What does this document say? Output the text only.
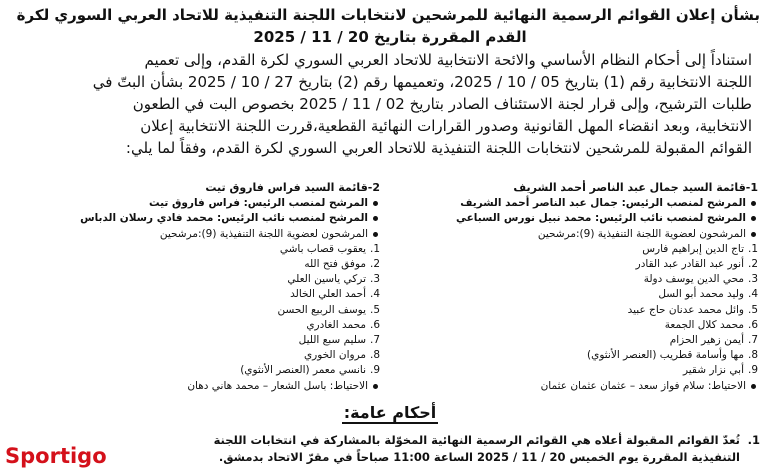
بشأن إعلان القوائم الرسمية النهائية للمرشحين لانتخابات اللجنة التنفيذية للاتحاد العربي السوري لكرة
القدم المقررة بتاريخ 20 / 11 / 2025

استناداً إلى أحكام النظام الأساسي والائحة الانتخابية للاتحاد العربي السوري لكرة القدم، وإلى تعميم

اللجنة الانتخابية رقم (1) بتاريخ 05 / 10 / 2025، وتعميمها رقم (2) بتاريخ 27 / 10 / 2025 بشأن البتّ في

طلبات الترشيح، وإلى قرار لجنة الاستئناف الصادر بتاريخ 02 / 11 / 2025 بخصوص البت في الطعون

الانتخابية، وبعد انقضاء المهل القانونية وصدور القرارات النهائية القطعية،قررت اللجنة الانتخابية إعلان

القوائم المقبولة للمرشحين لانتخابات اللجنة التنفيذية للاتحاد العربي السوري لكرة القدم، وفقاً لما يلي:

1-قائمة السيد جمال عبد الناصر أحمد الشريف
المرشح لمنصب الرئيس: جمال عبد الناصر أحمد الشريف
المرشح لمنصب نائب الرئيس: محمد نبيل نورس السباعي
المرشحون لعضوية اللجنة التنفيذية (9):مرشحين
1.
تاج الدين إبراهيم فارس
2.
أنور عبد القادر عبد القادر
3.
محي الدين يوسف دولة
4.
وليد محمد أبو السل
5.
وائل محمد عدنان حاج عبيد
6.
محمد كلال الجمعة
7.
أيمن زهير الحزام
8.
مها وأسامة قطريب (العنصر الأنثوي)
9.
أبي نزار شقير
الاحتياط: سلام فواز سعد – عثمان عثمان عثمان
2-قائمة السيد فراس فاروق تيت
المرشح لمنصب الرئيس: فراس فاروق تيت
المرشح لمنصب نائب الرئيس: محمد فادي رسلان الدباس
المرشحون لعضوية اللجنة التنفيذية (9):مرشحين
1.
يعقوب قصاب باشي
2.
موفق فتح الله
3.
تركي ياسين العلي
4.
أحمد العلي الخالد
5.
يوسف الربيع الحسن
6.
محمد الغادري
7.
سليم سبع الليل
8.
مروان الخوري
9.
نانسي معمر (العنصر الأنثوي)
الاحتياط: باسل الشعار – محمد هاني دهان
أحكام عامة:
1.
تُعدّ القوائم المقبولة أعلاه هي القوائم الرسمية النهائية المخوّلة بالمشاركة في انتخابات اللجنة
التنفيذية المقررة يوم الخميس 20 / 11 / 2025 الساعة 11:00 صباحاً في مقرّ الاتحاد بدمشق.
Sportigo
